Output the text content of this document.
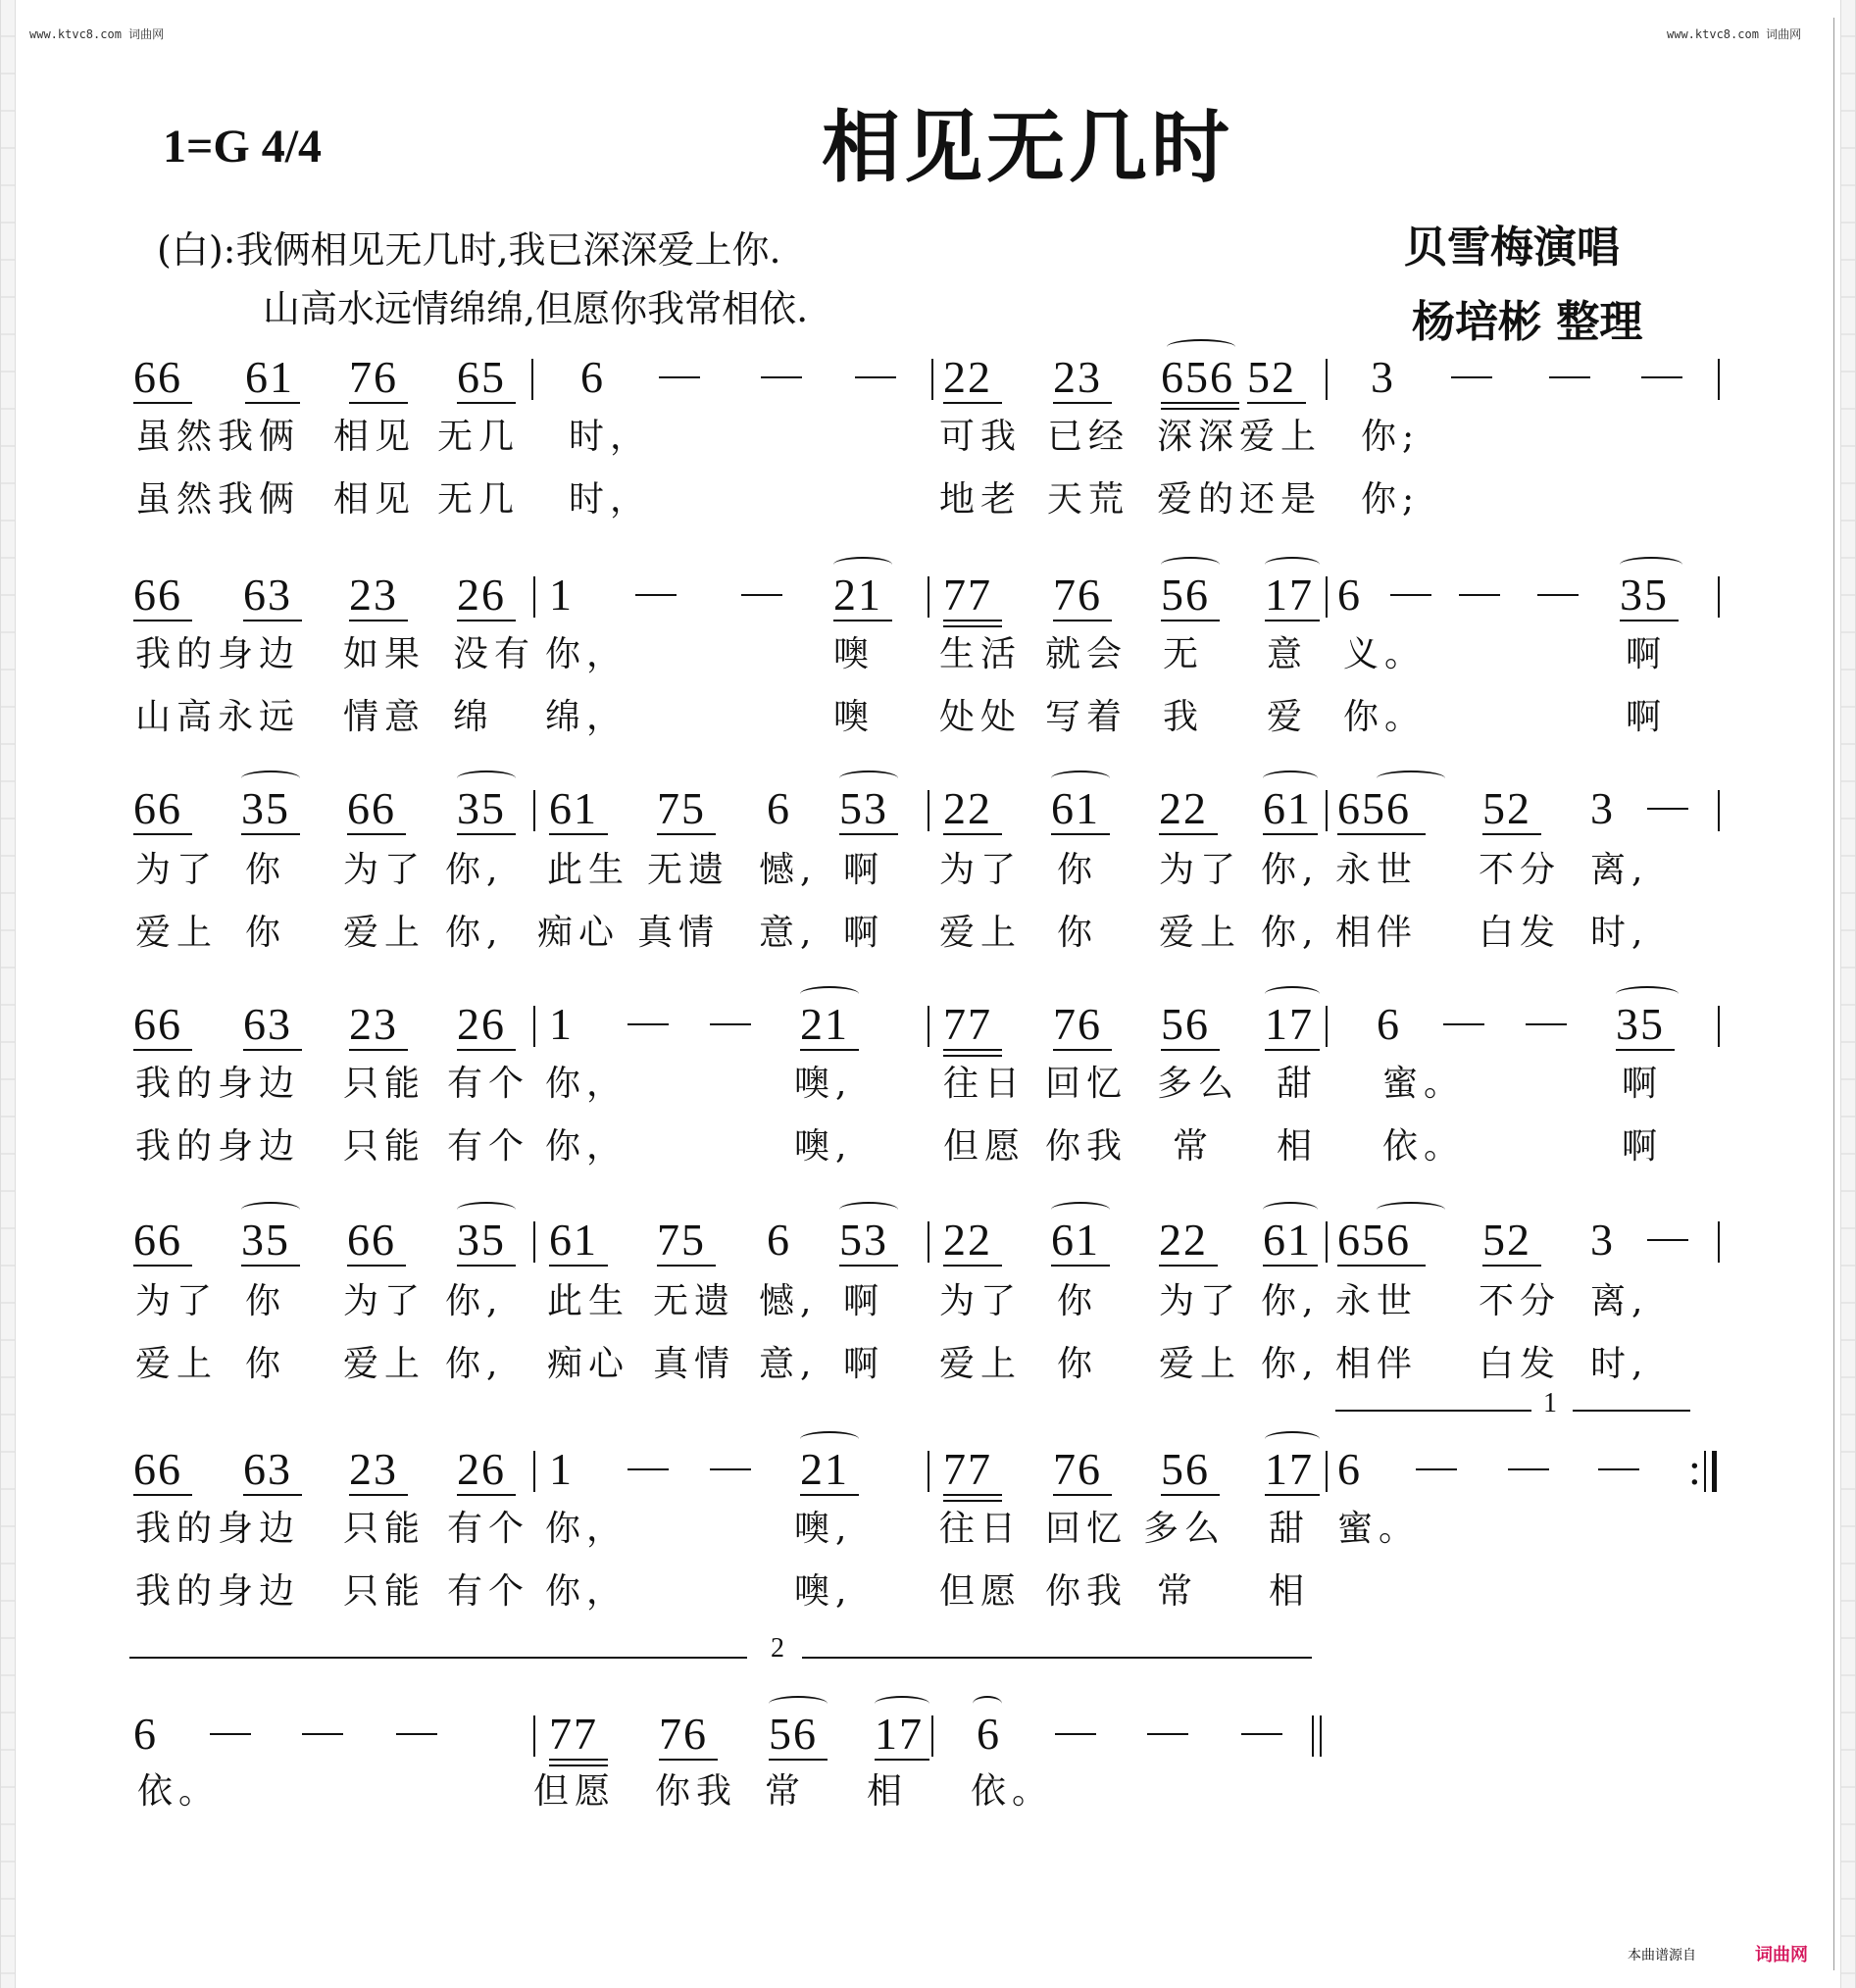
www.ktvc8.com 词曲网	www.ktvc8.com 词曲网
1=G 4/4	相见无几时
(白):我俩相见无几时,我已深深爱上你.
山高水远情绵绵,但愿你我常相依.
贝雪梅演唱
杨培彬 整理
66 61 76 65 6	22 23 656 52 3
虽然我俩 相见 无几 时，	可我 已经 深深爱上 你;
虽然我俩 相见 无几 时，	地老 天荒 爱的还是 你;
66 63 23 26 1	21 77 76 56 17 6	35
我的身边 如果 没有 你，	噢 生活 就会 无 意 义。	啊
山高永远 情意 绵 绵，	噢 处处 写着 我 爱 你。	啊
66 35 66 35 61 75 6 53 22 61 22 61 656 52 3
为了 你 为了 你, 此生 无遗 憾, 啊 为了 你 为了 你, 永世 不分 离,
爱上 你 爱上 你, 痴心 真情 意, 啊 爱上 你 爱上 你, 相伴 白发 时,
66 63 23 26 1	21 77 76 56 17 6	35
我的身边 只能 有个 你，	噢,	往日 回忆 多么 甜 蜜。	啊
我的身边 只能 有个 你，	噢,	但愿 你我 常 相 依。	啊
66 35 66 35 61 75 6 53 22 61 22 61 656 52 3
为了 你 为了 你, 此生 无遗 憾, 啊 为了 你 为了 你, 永世 不分 离,
爱上 你 爱上 你, 痴心 真情 意, 啊 爱上 你 爱上 你, 相伴 白发 时,
1
66 63 23 26 1	21 77 76 56 17 6	:
我的身边 只能 有个 你，	噢, 往日 回忆 多么 甜 蜜。
我的身边 只能 有个 你，	噢, 但愿 你我 常 相
2
6	77 76 56 17 6
依。	但愿 你我 常 相 依。
本曲谱源自	词曲网
